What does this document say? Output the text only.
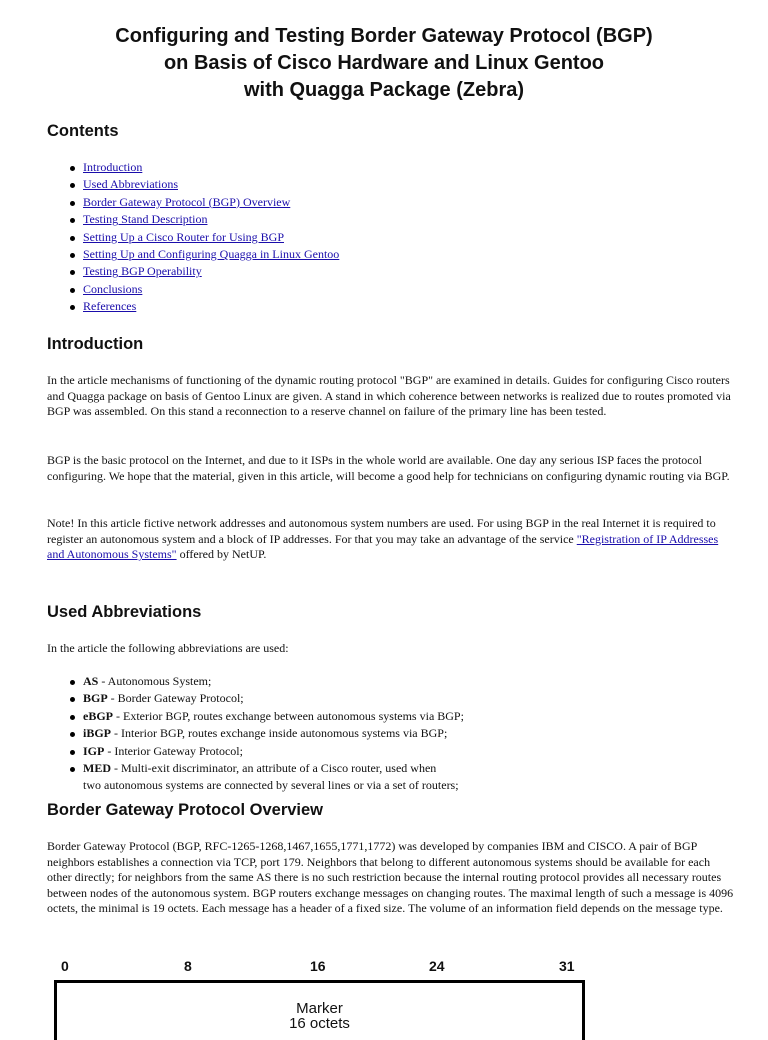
Configuring and Testing Border Gateway Protocol (BGP)
on Basis of Cisco Hardware and Linux Gentoo
with Quagga Package (Zebra)
Contents
Introduction
Used Abbreviations
Border Gateway Protocol (BGP) Overview
Testing Stand Description
Setting Up a Cisco Router for Using BGP
Setting Up and Configuring Quagga in Linux Gentoo
Testing BGP Operability
Conclusions
References
Introduction

In the article mechanisms of functioning of the dynamic routing protocol "BGP" are examined in details. Guides for configuring Cisco routers and Quagga package on basis of Gentoo Linux are given. A stand in which coherence between networks is realized due to routes promoted via BGP was assembled. On this stand a reconnection to a reserve channel on failure of the primary line has been tested.

BGP is the basic protocol on the Internet, and due to it ISPs in the whole world are available. One day any serious ISP faces the protocol configuring. We hope that the material, given in this article, will become a good help for technicians on configuring dynamic routing via BGP.

Note! In this article fictive network addresses and autonomous system numbers are used. For using BGP in the real Internet it is required to register an autonomous system and a block of IP addresses. For that you may take an advantage of the service "Registration of IP Addresses and Autonomous Systems" offered by NetUP.

Used Abbreviations

In the article the following abbreviations are used:

AS - Autonomous System;
BGP - Border Gateway Protocol;
eBGP - Exterior BGP, routes exchange between autonomous systems via BGP;
iBGP - Interior BGP, routes exchange inside autonomous systems via BGP;
IGP - Interior Gateway Protocol;
MED - Multi-exit discriminator, an attribute of a Cisco router, used when
two autonomous systems are connected by several lines or via a set of routers;
Border Gateway Protocol Overview

Border Gateway Protocol (BGP, RFC-1265-1268,1467,1655,1771,1772) was developed by companies IBM and CISCO. A pair of BGP neighbors establishes a connection via TCP, port 179. Neighbors that belong to different autonomous systems should be available for each other directly; for neighbors from the same AS there is no such restriction because the internal routing protocol provides all necessary routes between nodes of the autonomous system. BGP routers exchange messages on changing routes. The maximal length of such a message is 4096 octets, the minimal is 19 octets. Each message has a header of a fixed size. The volume of an information field depends on the message type.

0	8	16	24	31
Marker
16 octets
